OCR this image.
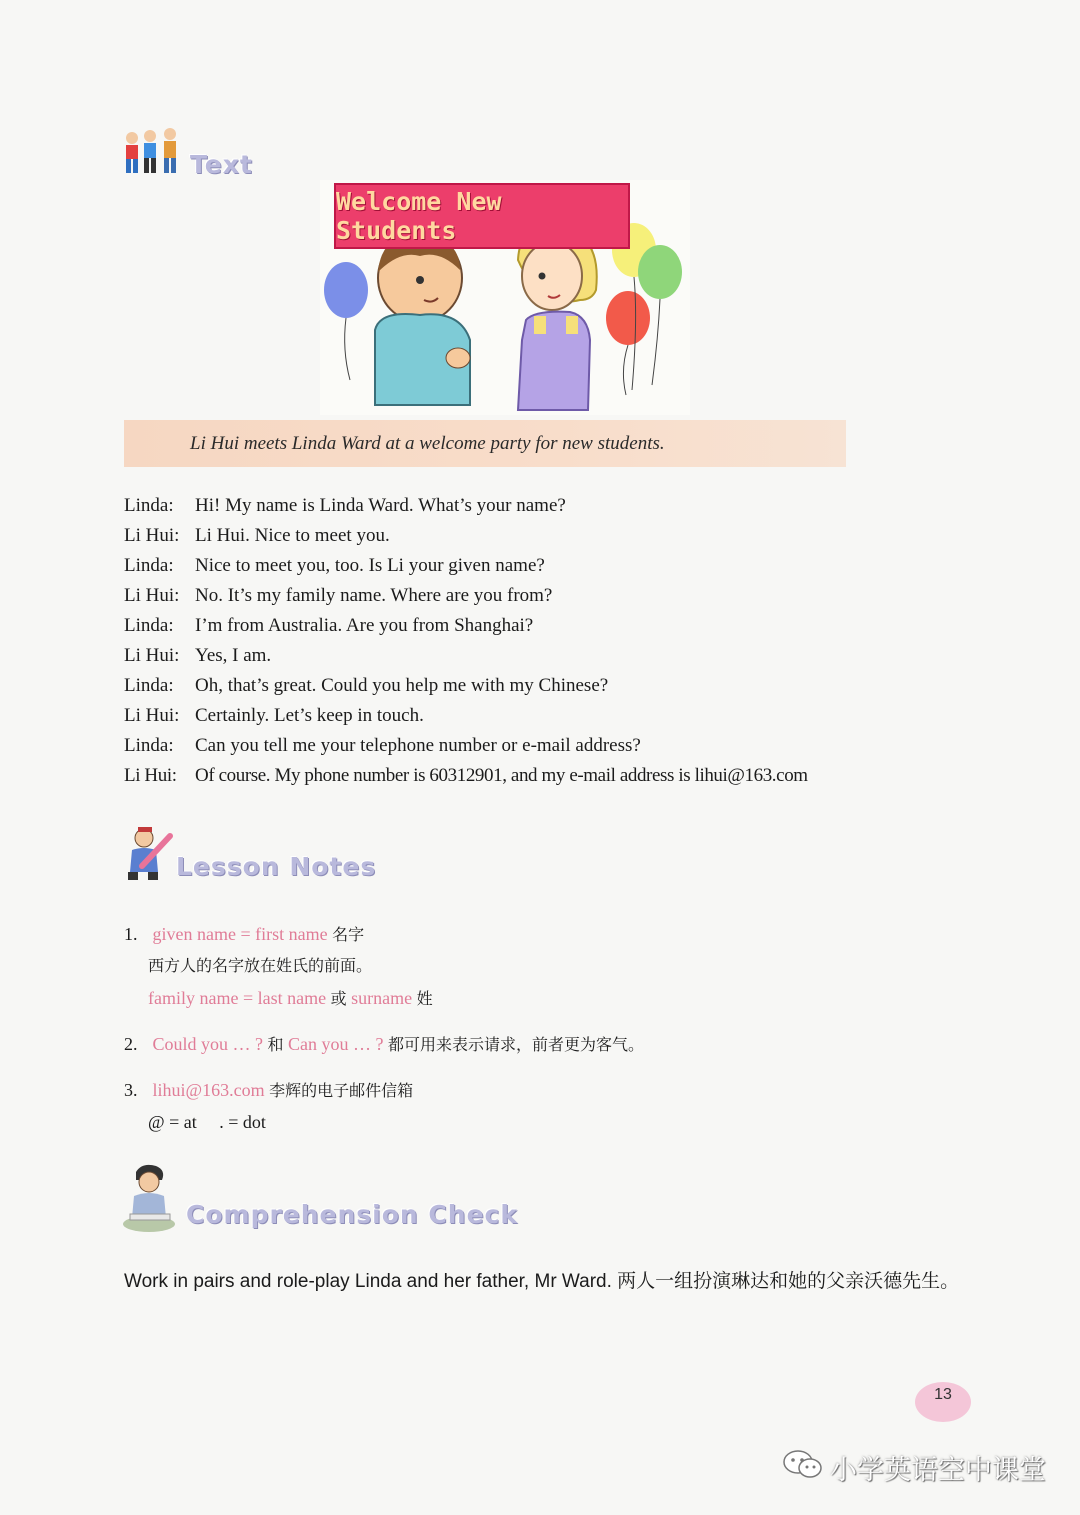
Text
Welcome New Students
Li Hui meets Linda Ward at a welcome party for new students.
Linda:	Hi! My name is Linda Ward. What’s your name?
Li Hui: Li Hui. Nice to meet you.
Linda:	Nice to meet you, too. Is Li your given name?
Li Hui: No. It’s my family name. Where are you from?
Linda:	I’m from Australia. Are you from Shanghai?
Li Hui: Yes, I am.
Linda:	Oh, that’s great. Could you help me with my Chinese?
Li Hui: Certainly. Let’s keep in touch.
Linda:	Can you tell me your telephone number or e-mail address?
Li Hui: Of course. My phone number is 60312901, and my e-mail address is lihui@163.com
Lesson Notes
1. given name = first name 名字
西方人的名字放在姓氏的前面。
family name = last name 或 surname 姓
2. Could you … ? 和 Can you … ? 都可用来表示请求，前者更为客气。
3. lihui@163.com 李辉的电子邮件信箱
@ = at     . = dot
Comprehension Check
Work in pairs and role-play Linda and her father, Mr Ward. 两人一组扮演琳达和她的父亲沃德先生。
13
小学英语空中课堂
